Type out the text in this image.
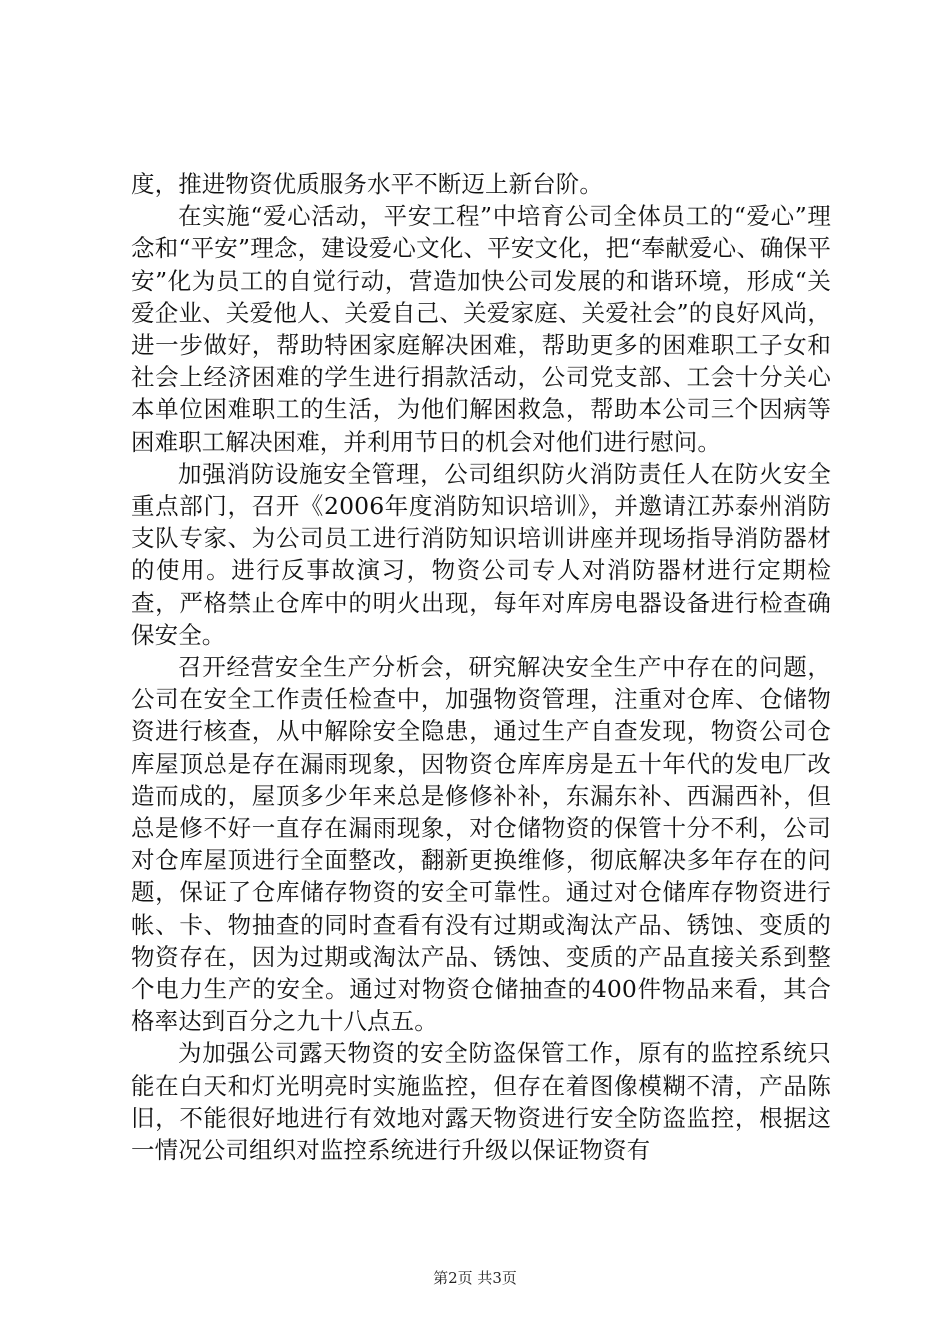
度，推进物资优质服务水平不断迈上新台阶。

在实施“爱心活动，平安工程”中培育公司全体员工的“爱心”理念和“平安”理念，建设爱心文化、平安文化，把“奉献爱心、确保平安”化为员工的自觉行动，营造加快公司发展的和谐环境，形成“关爱企业、关爱他人、关爱自己、关爱家庭、关爱社会”的良好风尚，进一步做好，帮助特困家庭解决困难，帮助更多的困难职工子女和社会上经济困难的学生进行捐款活动，公司党支部、工会十分关心本单位困难职工的生活，为他们解困救急，帮助本公司三个因病等困难职工解决困难，并利用节日的机会对他们进行慰问。

加强消防设施安全管理，公司组织防火消防责任人在防火安全重点部门，召开《2006年度消防知识培训》，并邀请江苏泰州消防支队专家、为公司员工进行消防知识培训讲座并现场指导消防器材的使用。进行反事故演习，物资公司专人对消防器材进行定期检查，严格禁止仓库中的明火出现，每年对库房电器设备进行检查确保安全。

召开经营安全生产分析会，研究解决安全生产中存在的问题，公司在安全工作责任检查中，加强物资管理，注重对仓库、仓储物资进行核查，从中解除安全隐患，通过生产自查发现，物资公司仓库屋顶总是存在漏雨现象，因物资仓库库房是五十年代的发电厂改造而成的，屋顶多少年来总是修修补补，东漏东补、西漏西补，但总是修不好一直存在漏雨现象，对仓储物资的保管十分不利，公司对仓库屋顶进行全面整改，翻新更换维修，彻底解决多年存在的问题，保证了仓库储存物资的安全可靠性。通过对仓储库存物资进行帐、卡、物抽查的同时查看有没有过期或淘汰产品、锈蚀、变质的物资存在，因为过期或淘汰产品、锈蚀、变质的产品直接关系到整个电力生产的安全。通过对物资仓储抽查的400件物品来看，其合格率达到百分之九十八点五。

为加强公司露天物资的安全防盗保管工作，原有的监控系统只能在白天和灯光明亮时实施监控，但存在着图像模糊不清，产品陈旧，不能很好地进行有效地对露天物资进行安全防盗监控，根据这一情况公司组织对监控系统进行升级以保证物资有

第2页 共3页
